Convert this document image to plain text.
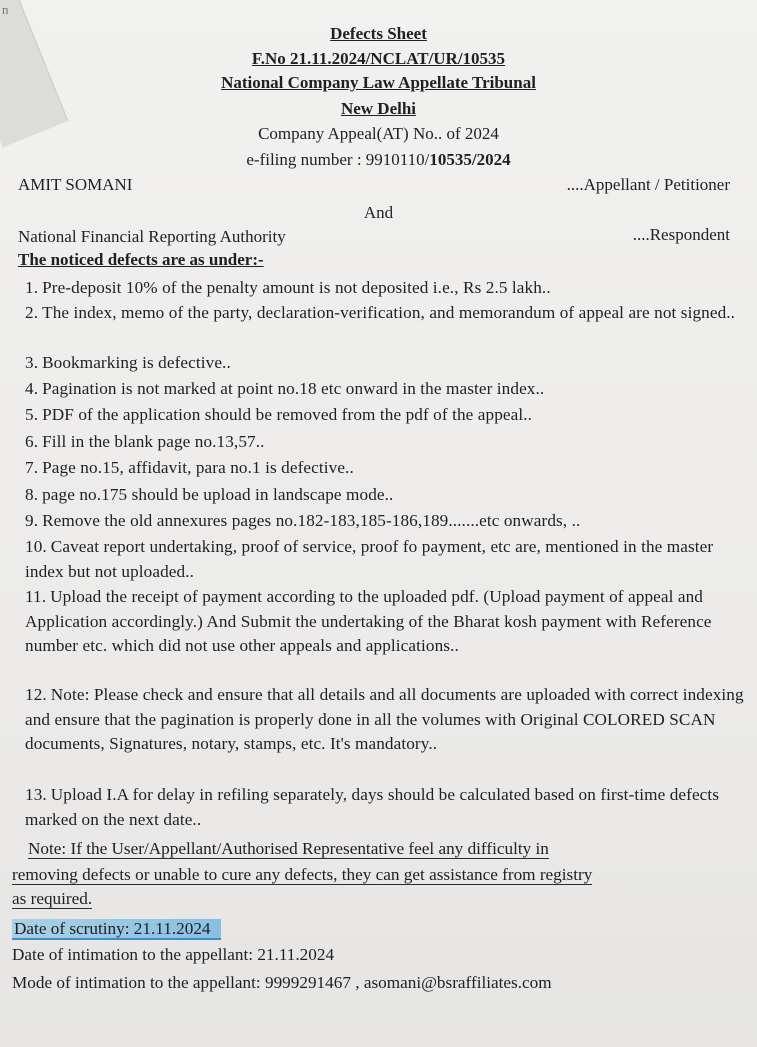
n
Defects Sheet
F.No 21.11.2024/NCLAT/UR/10535
National Company Law Appellate Tribunal
New Delhi
Company Appeal(AT) No.. of 2024
e-filing number : 9910110/10535/2024
AMIT SOMANI	....Appellant / Petitioner
And
National Financial Reporting Authority	....Respondent
The noticed defects are as under:-
1. Pre-deposit 10% of the penalty amount is not deposited i.e., Rs 2.5 lakh..
2. The index, memo of the party, declaration-verification, and memorandum of appeal are not signed..
3. Bookmarking is defective..
4. Pagination is not marked at point no.18 etc onward in the master index..
5. PDF of the application should be removed from the pdf of the appeal..
6. Fill in the blank page no.13,57..
7. Page no.15, affidavit, para no.1 is defective..
8. page no.175 should be upload in landscape mode..
9. Remove the old annexures pages no.182-183,185-186,189.......etc onwards, ..
10. Caveat report undertaking, proof of service, proof fo payment, etc are, mentioned in the master index but not uploaded..
11. Upload the receipt of payment according to the uploaded pdf. (Upload payment of appeal and Application accordingly.) And Submit the undertaking of the Bharat kosh payment with Reference number etc. which did not use other appeals and applications..
12. Note: Please check and ensure that all details and all documents are uploaded with correct indexing and ensure that the pagination is properly done in all the volumes with Original COLORED SCAN documents, Signatures, notary, stamps, etc. It's mandatory..
13. Upload I.A for delay in refiling separately, days should be calculated based on first-time defects marked on the next date..
Note: If the User/Appellant/Authorised Representative feel any difficulty in
removing defects or unable to cure any defects, they can get assistance from registry
as required.
Date of scrutiny: 21.11.2024
Date of intimation to the appellant: 21.11.2024
Mode of intimation to the appellant: 9999291467 , asomani@bsraffiliates.com
